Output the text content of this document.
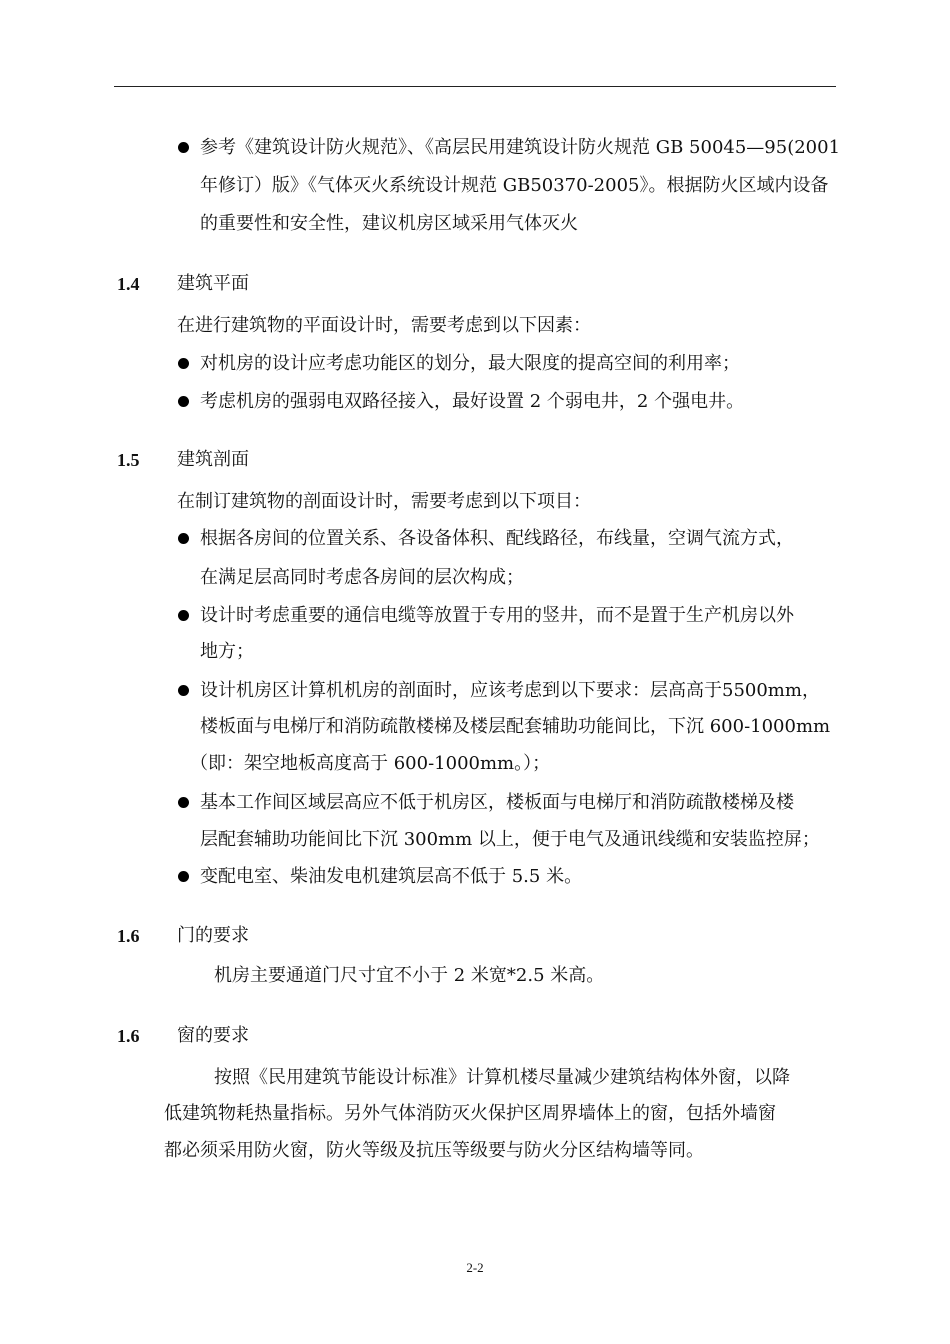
参考《建筑设计防火规范》、《高层民用建筑设计防火规范 GB 50045—95(2001
年修订）版》《气体灭火系统设计规范 GB50370-2005》。根据防火区域内设备
的重要性和安全性，建议机房区域采用气体灭火
1.4 建筑平面
在进行建筑物的平面设计时，需要考虑到以下因素：
对机房的设计应考虑功能区的划分，最大限度的提高空间的利用率；
考虑机房的强弱电双路径接入，最好设置 2 个弱电井，2 个强电井。
1.5 建筑剖面
在制订建筑物的剖面设计时，需要考虑到以下项目：
根据各房间的位置关系、各设备体积、配线路径，布线量，空调气流方式，
在满足层高同时考虑各房间的层次构成；
设计时考虑重要的通信电缆等放置于专用的竖井，而不是置于生产机房以外
地方；
设计机房区计算机机房的剖面时，应该考虑到以下要求：层高高于5500mm，
楼板面与电梯厅和消防疏散楼梯及楼层配套辅助功能间比，下沉 600-1000mm
（即：架空地板高度高于 600-1000mm。）；
基本工作间区域层高应不低于机房区，楼板面与电梯厅和消防疏散楼梯及楼
层配套辅助功能间比下沉 300mm 以上，便于电气及通讯线缆和安装监控屏；
变配电室、柴油发电机建筑层高不低于 5.5 米。
1.6 门的要求
机房主要通道门尺寸宜不小于 2 米宽*2.5 米高。
1.6 窗的要求
按照《民用建筑节能设计标准》计算机楼尽量减少建筑结构体外窗，以降
低建筑物耗热量指标。另外气体消防灭火保护区周界墙体上的窗，包括外墙窗
都必须采用防火窗，防火等级及抗压等级要与防火分区结构墙等同。
2-2
